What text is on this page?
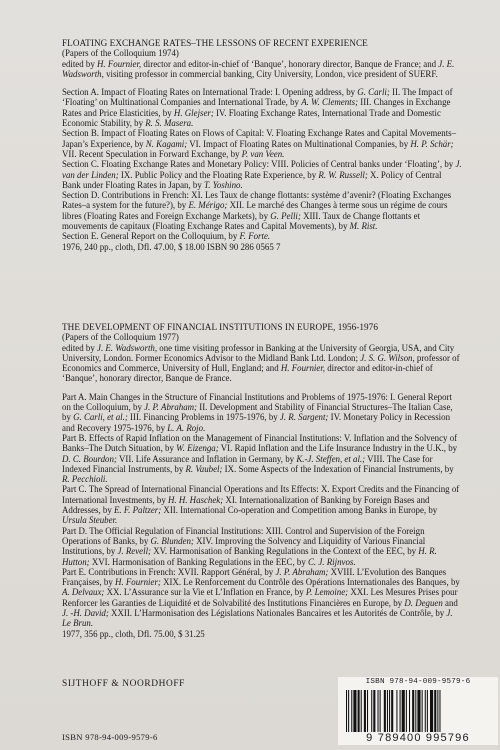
FLOATING EXCHANGE RATES–THE LESSONS OF RECENT EXPERIENCE

(Papers of the Colloquium 1974)

edited by H. Fournier, director and editor-in-chief of ‘Banque’, honorary director, Banque de France; and J. E. Wadsworth, visiting professor in commercial banking, City University, London, vice president of SUERF.

Section A. Impact of Floating Rates on International Trade: I. Opening address, by G. Carli; II. The Impact of ‘Floating’ on Multinational Companies and International Trade, by A. W. Clements; III. Changes in Exchange Rates and Price Elasticities, by H. Glejser; IV. Floating Exchange Rates, International Trade and Domestic Economic Stability, by R. S. Masera.

Section B. Impact of Floating Rates on Flows of Capital: V. Floating Exchange Rates and Capital Movements–Japan’s Experience, by N. Kagami; VI. Impact of Floating Rates on Multinational Companies, by H. P. Schär; VII. Recent Speculation in Forward Exchange, by P. van Veen.

Section C. Floating Exchange Rates and Monetary Policy: VIII. Policies of Central banks under ‘Floating’, by J. van der Linden; IX. Public Policy and the Floating Rate Experience, by R. W. Russell; X. Policy of Central Bank under Floating Rates in Japan, by T. Yoshino.

Section D. Contributions in French: XI. Les Taux de change flottants: système d’avenir? (Floating Exchanges Rates–a system for the future?), by E. Mérigo; XII. Le marché des Changes à terme sous un régime de cours libres (Floating Rates and Foreign Exchange Markets), by G. Pelli; XIII. Taux de Change flottants et mouvements de capitaux (Floating Exchange Rates and Capital Movements), by M. Rist.

Section E. General Report on the Colloquium, by F. Forte.

1976, 240 pp., cloth, Dfl. 47.00, $ 18.00 ISBN 90 286 0565 7

THE DEVELOPMENT OF FINANCIAL INSTITUTIONS IN EUROPE, 1956-1976

(Papers of the Colloquium 1977)

edited by J. E. Wadsworth, one time visiting professor in Banking at the University of Georgia, USA, and City University, London. Former Economics Advisor to the Midland Bank Ltd. London; J. S. G. Wilson, professor of Economics and Commerce, University of Hull, England; and H. Fournier, director and editor-in-chief of ‘Banque’, honorary director, Banque de France.

Part A. Main Changes in the Structure of Financial Institutions and Problems of 1975-1976: I. General Report on the Colloquium, by J. P. Abraham; II. Development and Stability of Financial Structures–The Italian Case, by G. Carli, et al.; III. Financing Problems in 1975-1976, by J. R. Sargent; IV. Monetary Policy in Recession and Recovery 1975-1976, by L. A. Rojo.

Part B. Effects of Rapid Inflation on the Management of Financial Institutions: V. Inflation and the Solvency of Banks–The Dutch Situation, by W. Eizenga; VI. Rapid Inflation and the Life Insurance Industry in the U.K., by D. C. Bourdon; VII. Life Assurance and Inflation in Germany, by K.-J. Steffen, et al.; VIII. The Case for Indexed Financial Instruments, by R. Vaubel; IX. Some Aspects of the Indexation of Financial Instruments, by R. Pecchioli.

Part C. The Spread of International Financial Operations and Its Effects: X. Export Credits and the Financing of International Investments, by H. H. Haschek; XI. Internationalization of Banking by Foreign Bases and Addresses, by E. F. Paltzer; XII. International Co-operation and Competition among Banks in Europe, by Ursula Steuber.

Part D. The Official Regulation of Financial Institutions: XIII. Control and Supervision of the Foreign Operations of Banks, by G. Blunden; XIV. Improving the Solvency and Liquidity of Various Financial Institutions, by J. Revell; XV. Harmonisation of Banking Regulations in the Context of the EEC, by H. R. Hutton; XVI. Harmonisation of Banking Regulations in the EEC, by C. J. Rijnvos.

Part E. Contributions in French: XVII. Rapport Général, by J. P. Abraham; XVIII. L’Evolution des Banques Françaises, by H. Fournier; XIX. Le Renforcement du Contrôle des Opérations Internationales des Banques, by A. Delvaux; XX. L’Assurance sur la Vie et L’Inflation en France, by P. Lemoine; XXI. Les Mesures Prises pour Renforcer les Garanties de Liquidité et de Solvabilité des Institutions Financières en Europe, by D. Deguen and J. -H. David; XXII. L’Harmonisation des Législations Nationales Bancaires et les Autorités de Contrôle, by J. Le Brun.

1977, 356 pp., cloth, Dfl. 75.00, $ 31.25

SIJTHOFF & NOORDHOFF
ISBN 978-94-009-9579-6
ISBN 978-94-009-9579-6
9 789400 995796
